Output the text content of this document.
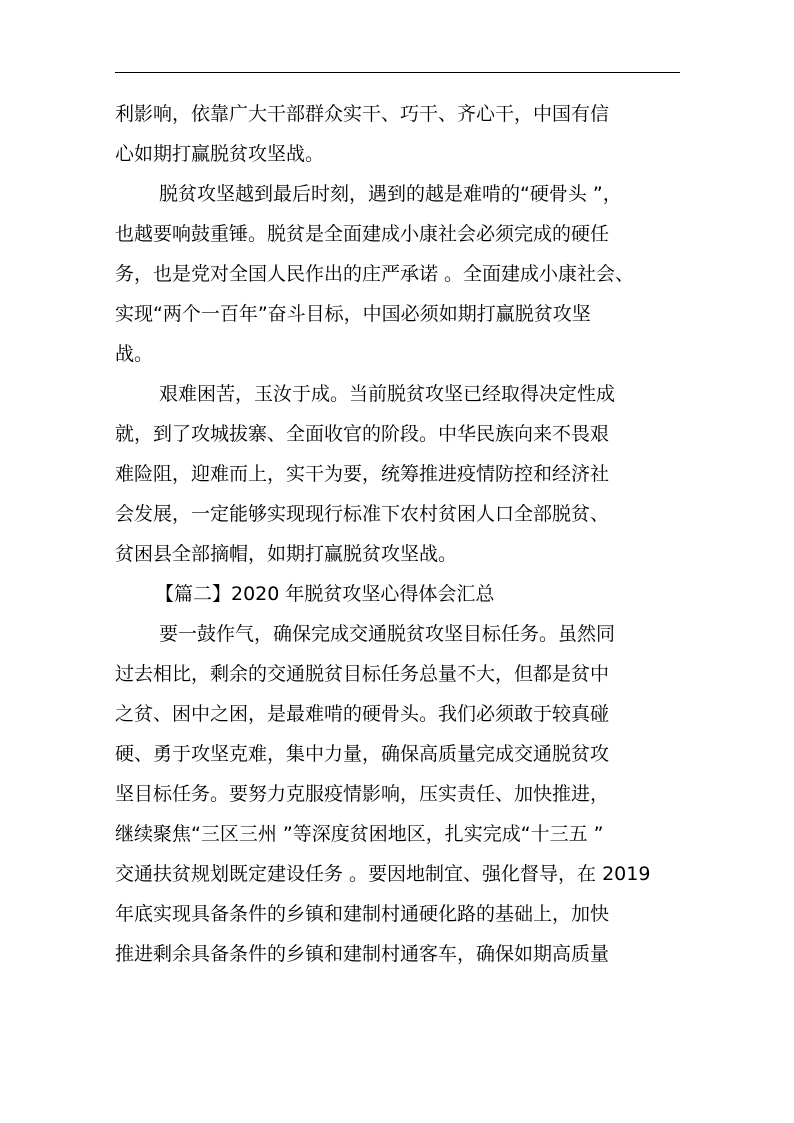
利影响，依靠广大干部群众实干、巧干、齐心干，中国有信
心如期打赢脱贫攻坚战。
脱贫攻坚越到最后时刻，遇到的越是难啃的“硬骨头 ”，
也越要响鼓重锤。脱贫是全面建成小康社会必须完成的硬任
务，也是党对全国人民作出的庄严承诺 。全面建成小康社会、
实现“两个一百年”奋斗目标，中国必须如期打赢脱贫攻坚
战。
艰难困苦，玉汝于成。当前脱贫攻坚已经取得决定性成
就，到了攻城拔寨、全面收官的阶段。中华民族向来不畏艰
难险阻，迎难而上，实干为要，统筹推进疫情防控和经济社
会发展，一定能够实现现行标准下农村贫困人口全部脱贫、
贫困县全部摘帽，如期打赢脱贫攻坚战。
【篇二】2020 年脱贫攻坚心得体会汇总
要一鼓作气，确保完成交通脱贫攻坚目标任务。虽然同
过去相比，剩余的交通脱贫目标任务总量不大，但都是贫中
之贫、困中之困，是最难啃的硬骨头。我们必须敢于较真碰
硬、勇于攻坚克难，集中力量，确保高质量完成交通脱贫攻
坚目标任务。要努力克服疫情影响，压实责任、加快推进，
继续聚焦“三区三州 ”等深度贫困地区，扎实完成“十三五 ”
交通扶贫规划既定建设任务 。要因地制宜、强化督导，在 2019
年底实现具备条件的乡镇和建制村通硬化路的基础上，加快
推进剩余具备条件的乡镇和建制村通客车，确保如期高质量
